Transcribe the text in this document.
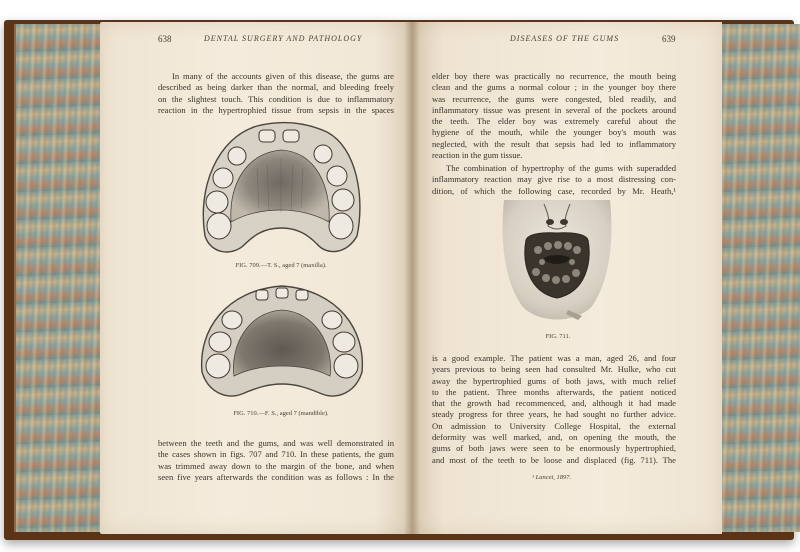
638	DENTAL SURGERY AND PATHOLOGY
In many of the accounts given of this disease, the gums are
described as being darker than the normal, and bleeding freely
on the slightest touch. This condition is due to inflammatory
reaction in the hypertrophied tissue from sepsis in the spaces
FIG. 709.—T. S., aged 7 (maxilla).
FIG. 710.—F. S., aged 7 (mandible).
between the teeth and the gums, and was well demonstrated in
the cases shown in figs. 707 and 710. In these patients, the gum
was trimmed away down to the margin of the bone, and when
seen five years afterwards the condition was as follows : In the
DISEASES OF THE GUMS	639
elder boy there was practically no recurrence, the mouth being
clean and the gums a normal colour ; in the younger boy there
was recurrence, the gums were congested, bled readily, and
inflammatory tissue was present in several of the pockets around
the teeth. The elder boy was extremely careful about the
hygiene of the mouth, while the younger boy's mouth was
neglected, with the result that sepsis had led to inflammatory
reaction in the gum tissue.
The combination of hypertrophy of the gums with superadded
inflammatory reaction may give rise to a most distressing con-
dition, of which the following case, recorded by Mr. Heath,¹
FIG. 711.
is a good example. The patient was a man, aged 26, and four
years previous to being seen had consulted Mr. Hulke, who cut
away the hypertrophied gums of both jaws, with much relief
to the patient. Three months afterwards, the patient noticed
that the growth had recommenced, and, although it had made
steady progress for three years, he had sought no further advice.
On admission to University College Hospital, the external
deformity was well marked, and, on opening the mouth, the
gums of both jaws were seen to be enormously hypertrophied,
and most of the teeth to be loose and displaced (fig. 711). The
¹ Lancet, 1897.
